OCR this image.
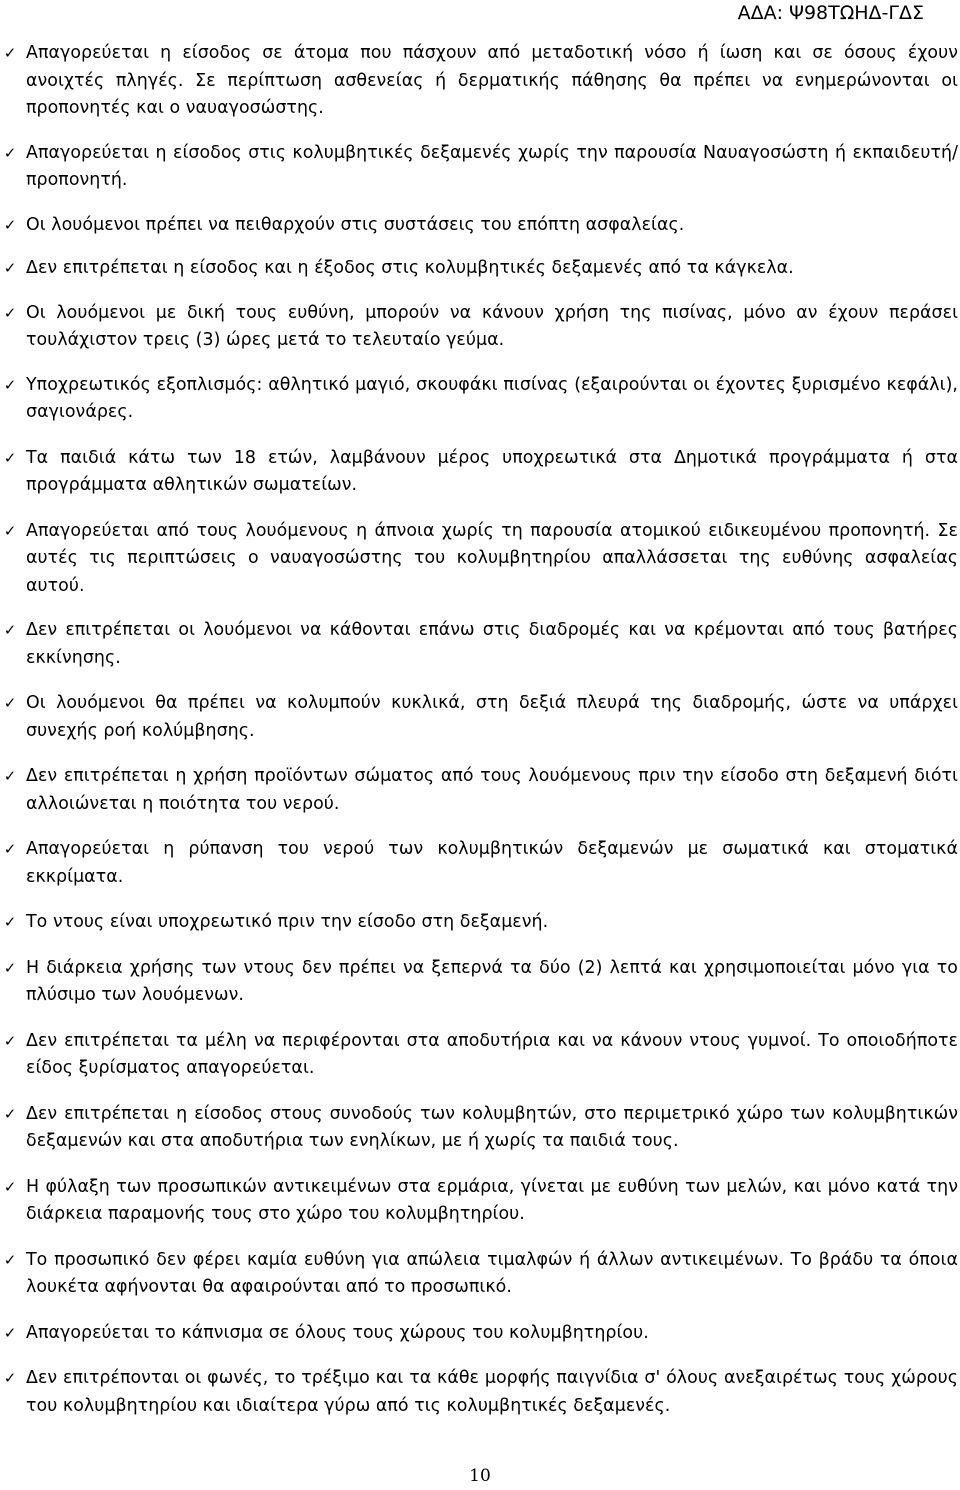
ΑΔΑ: Ψ98ΤΩΗΔ-ΓΔΣ
✓ Απαγορεύεται η είσοδος σε άτομα που πάσχουν από μεταδοτική νόσο ή ίωση και σε όσους έχουν ανοιχτές πληγές. Σε περίπτωση ασθενείας ή δερματικής πάθησης θα πρέπει να ενημερώνονται οι προπονητές και ο ναυαγοσώστης.
✓ Απαγορεύεται η είσοδος στις κολυμβητικές δεξαμενές χωρίς την παρουσία Ναυαγοσώστη ή εκπαιδευτή/προπονητή.
✓ Οι λουόμενοι πρέπει να πειθαρχούν στις συστάσεις του επόπτη ασφαλείας.
✓ Δεν επιτρέπεται η είσοδος και η έξοδος στις κολυμβητικές δεξαμενές από τα κάγκελα.
✓ Οι λουόμενοι με δική τους ευθύνη, μπορούν να κάνουν χρήση της πισίνας, μόνο αν έχουν περάσει τουλάχιστον τρεις (3) ώρες μετά το τελευταίο γεύμα.
✓ Υποχρεωτικός εξοπλισμός: αθλητικό μαγιό, σκουφάκι πισίνας (εξαιρούνται οι έχοντες ξυρισμένο κεφάλι), σαγιονάρες.
✓ Τα παιδιά κάτω των 18 ετών, λαμβάνουν μέρος υποχρεωτικά στα Δημοτικά προγράμματα ή στα προγράμματα αθλητικών σωματείων.
✓ Απαγορεύεται από τους λουόμενους η άπνοια χωρίς τη παρουσία ατομικού ειδικευμένου προπονητή. Σε αυτές τις περιπτώσεις ο ναυαγοσώστης του κολυμβητηρίου απαλλάσσεται της ευθύνης ασφαλείας αυτού.
✓ Δεν επιτρέπεται οι λουόμενοι να κάθονται επάνω στις διαδρομές και να κρέμονται από τους βατήρες εκκίνησης.
✓ Οι λουόμενοι θα πρέπει να κολυμπούν κυκλικά, στη δεξιά πλευρά της διαδρομής, ώστε να υπάρχει συνεχής ροή κολύμβησης.
✓ Δεν επιτρέπεται η χρήση προϊόντων σώματος από τους λουόμενους πριν την είσοδο στη δεξαμενή διότι αλλοιώνεται η ποιότητα του νερού.
✓ Απαγορεύεται η ρύπανση του νερού των κολυμβητικών δεξαμενών με σωματικά και στοματικά εκκρίματα.
✓ Το ντους είναι υποχρεωτικό πριν την είσοδο στη δεξαμενή.
✓ Η διάρκεια χρήσης των ντους δεν πρέπει να ξεπερνά τα δύο (2) λεπτά και χρησιμοποιείται μόνο για το πλύσιμο των λουόμενων.
✓ Δεν επιτρέπεται τα μέλη να περιφέρονται στα αποδυτήρια και να κάνουν ντους γυμνοί. Το οποιοδήποτε είδος ξυρίσματος απαγορεύεται.
✓ Δεν επιτρέπεται η είσοδος στους συνοδούς των κολυμβητών, στο περιμετρικό χώρο των κολυμβητικών δεξαμενών και στα αποδυτήρια των ενηλίκων, με ή χωρίς τα παιδιά τους.
✓ Η φύλαξη των προσωπικών αντικειμένων στα ερμάρια, γίνεται με ευθύνη των μελών, και μόνο κατά την διάρκεια παραμονής τους στο χώρο του κολυμβητηρίου.
✓ Το προσωπικό δεν φέρει καμία ευθύνη για απώλεια τιμαλφών ή άλλων αντικειμένων. Το βράδυ τα όποια λουκέτα αφήνονται θα αφαιρούνται από το προσωπικό.
✓ Απαγορεύεται το κάπνισμα σε όλους τους χώρους του κολυμβητηρίου.
✓ Δεν επιτρέπονται οι φωνές, το τρέξιμο και τα κάθε μορφής παιγνίδια σ' όλους ανεξαιρέτως τους χώρους του κολυμβητηρίου και ιδιαίτερα γύρω από τις κολυμβητικές δεξαμενές.
10
